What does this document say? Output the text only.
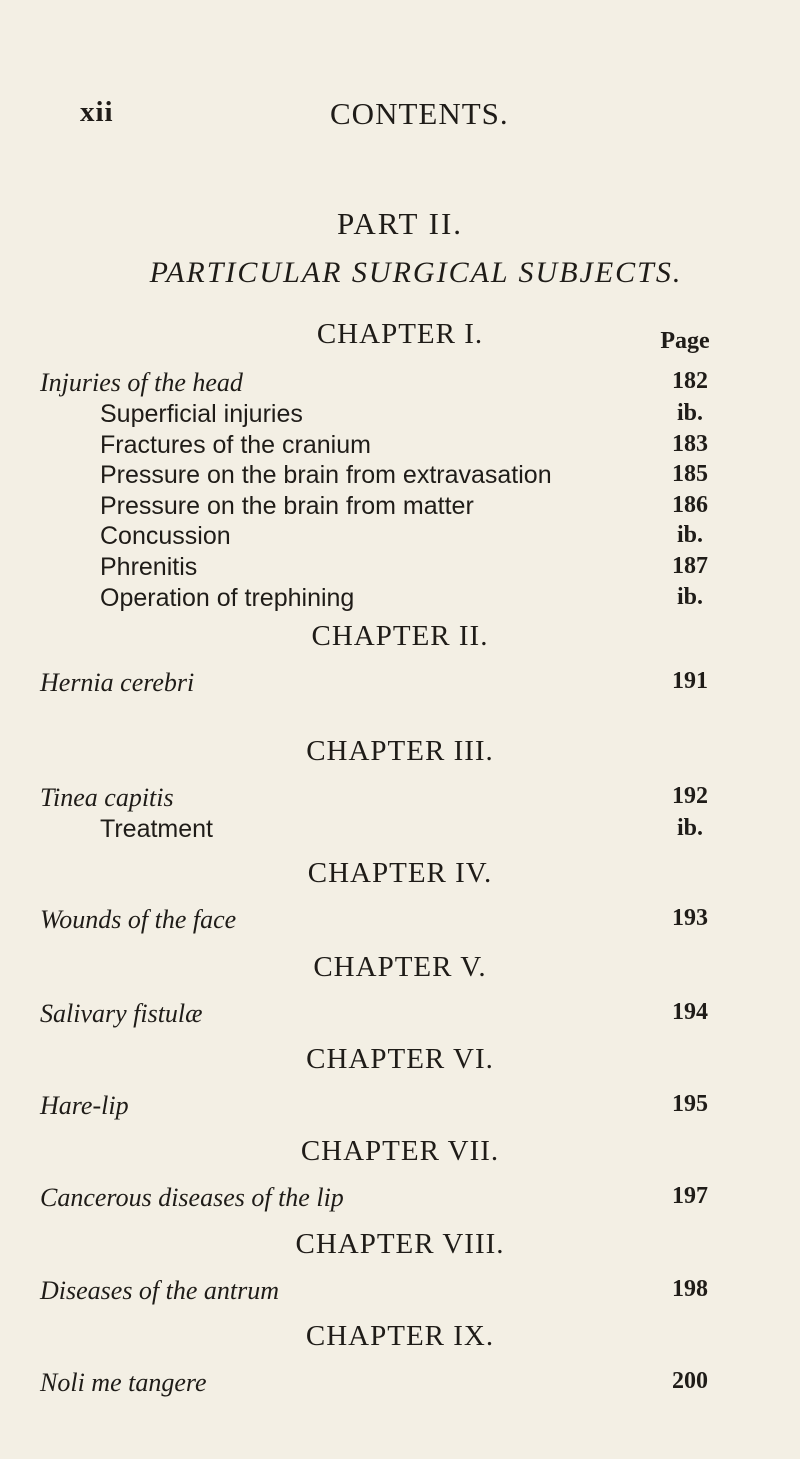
xii	CONTENTS.
PART II.
PARTICULAR SURGICAL SUBJECTS.
Page
CHAPTER I.
Injuries of the head	182
Superficial injuries	ib.
Fractures of the cranium	183
Pressure on the brain from extravasation	185
Pressure on the brain from matter	186
Concussion	ib.
Phrenitis	187
Operation of trephining	ib.
CHAPTER II.
Hernia cerebri	191
CHAPTER III.
Tinea capitis	192
Treatment	ib.
CHAPTER IV.
Wounds of the face	193
CHAPTER V.
Salivary fistulæ	194
CHAPTER VI.
Hare-lip	195
CHAPTER VII.
Cancerous diseases of the lip	197
CHAPTER VIII.
Diseases of the antrum	198
CHAPTER IX.
Noli me tangere	200
